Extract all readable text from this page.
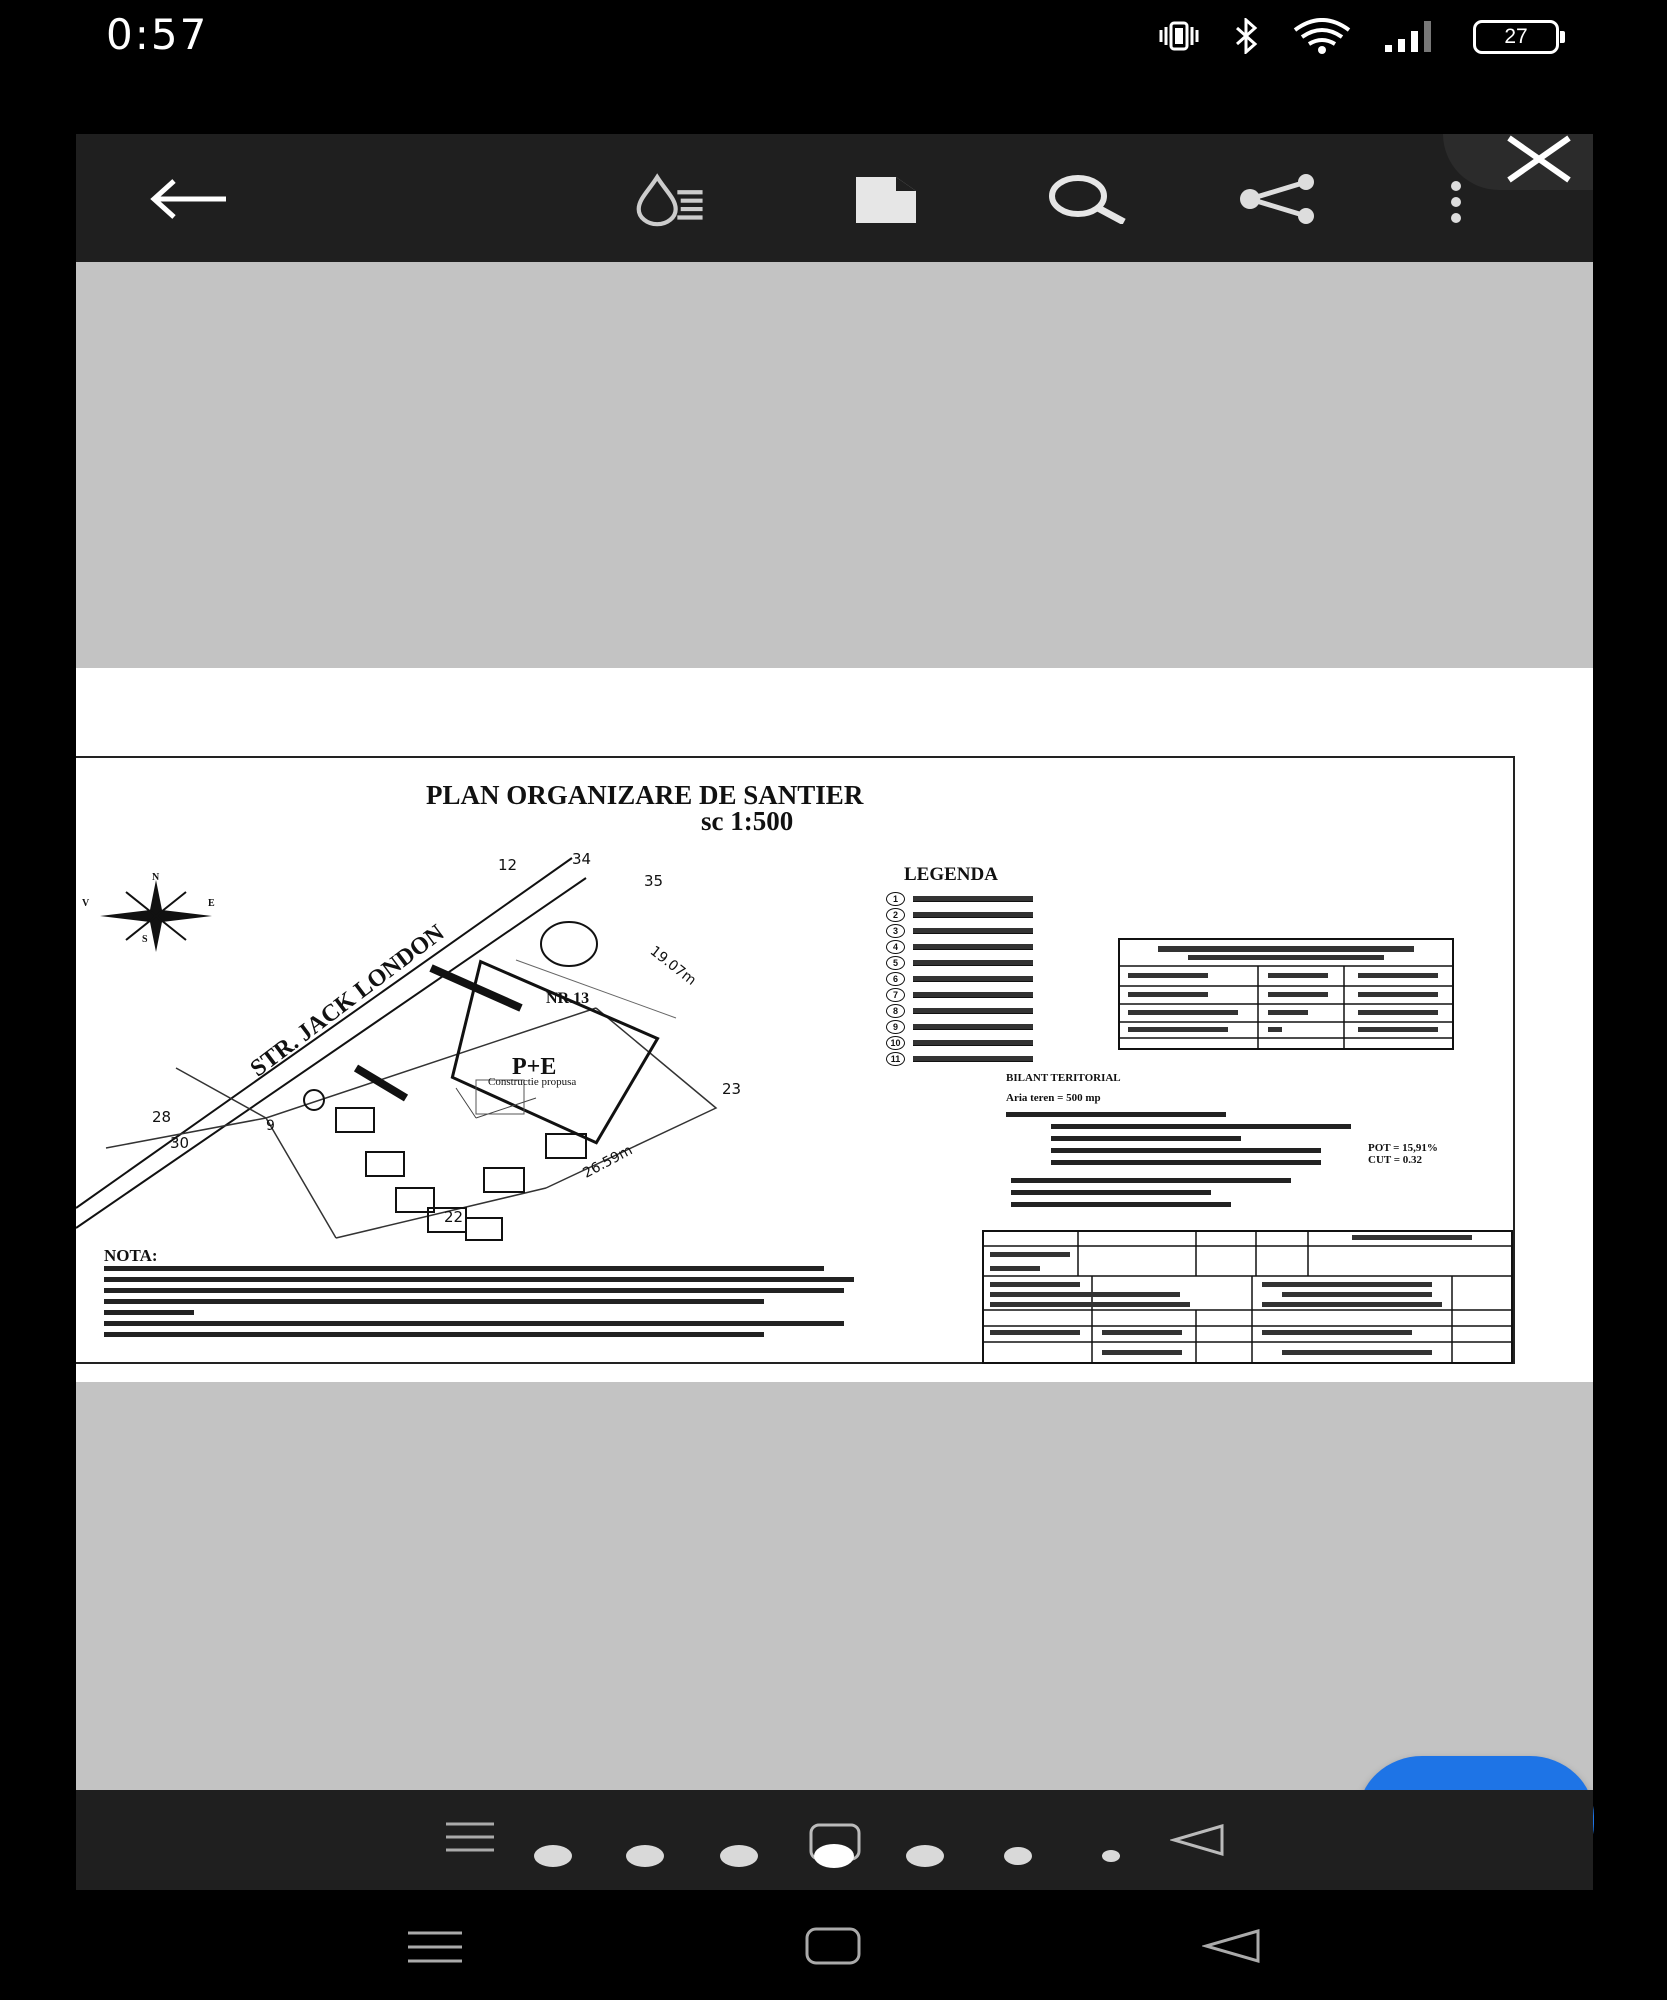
0:57	27
PLAN ORGANIZARE DE SANTIER
sc 1:500
N
V	E
S	STR. JACK LONDON	NR.13
P+E
Constructie propusa
12	34
35
23
28
30
9
22
19.07m
26.59m
LEGENDA
1
2
3
4
5
6
7
8
9
10
11
BILANT TERITORIAL
Aria teren = 500 mp
POT = 15,91%
CUT = 0.32
NOTA:
